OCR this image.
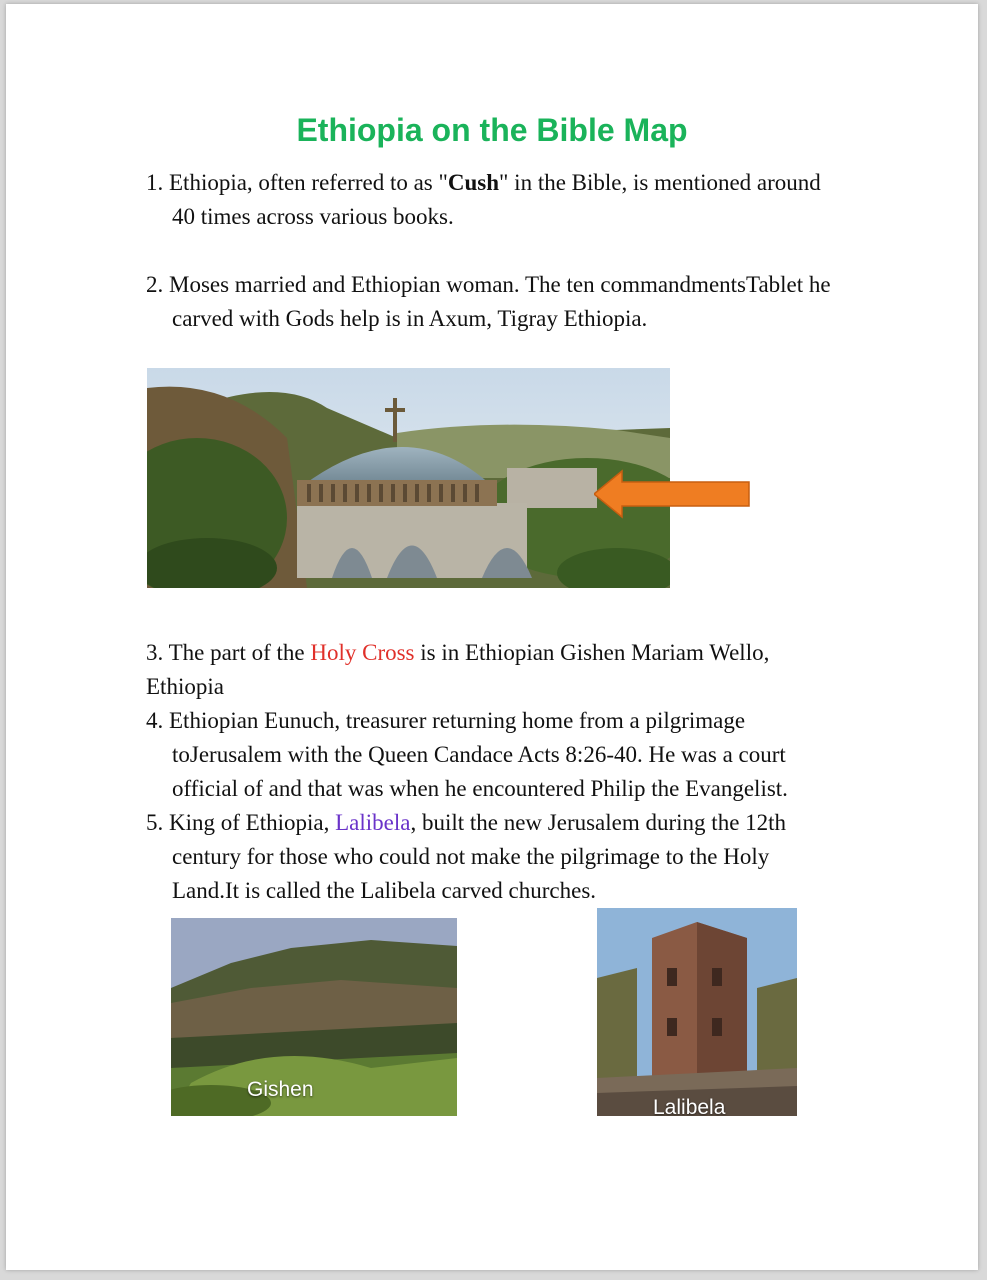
Ethiopia on the Bible Map
1. Ethiopia, often referred to as "Cush" in the Bible, is mentioned around
40 times across various books.
2. Moses married and Ethiopian woman. The ten commandmentsTablet he
carved with Gods help is in Axum, Tigray Ethiopia.
3. The part of the Holy Cross is in Ethiopian Gishen Mariam Wello,
Ethiopia
4. Ethiopian Eunuch, treasurer returning home from a pilgrimage
toJerusalem with the Queen Candace Acts 8:26-40. He was a court
official of and that was when he encountered Philip the Evangelist.
5. King of Ethiopia, Lalibela, built the new Jerusalem during the 12th
century for those who could not make the pilgrimage to the Holy
Land.It is called the Lalibela carved churches.
Gishen
Lalibela
